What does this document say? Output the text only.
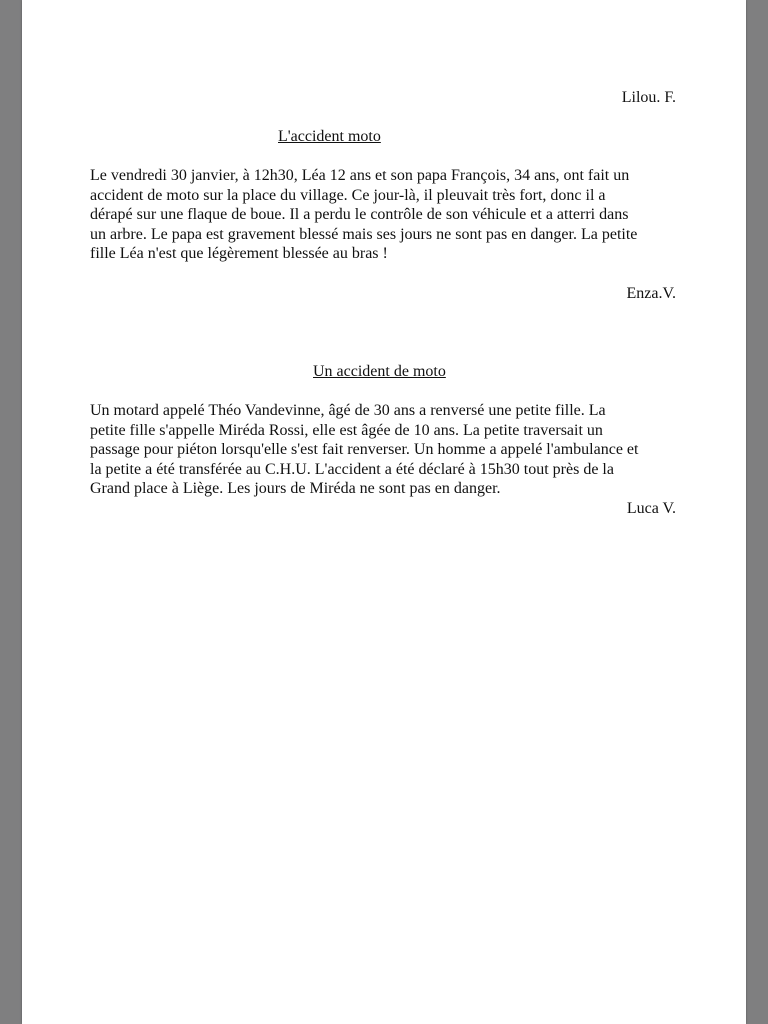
Lilou. F.
L'accident moto

Le vendredi 30 janvier, à 12h30, Léa 12 ans et son papa François, 34 ans, ont fait un
accident de moto sur la place du village. Ce jour-là, il pleuvait très fort, donc il a
dérapé sur une flaque de boue. Il a perdu le contrôle de son véhicule et a atterri dans
un arbre. Le papa est gravement blessé mais ses jours ne sont pas en danger. La petite
fille Léa n'est que légèrement blessée au bras !

Enza.V.
Un accident de moto

Un motard appelé Théo Vandevinne, âgé de 30 ans a renversé une petite fille. La
petite fille s'appelle Miréda Rossi, elle est âgée de 10 ans. La petite traversait un
passage pour piéton lorsqu'elle s'est fait renverser. Un homme a appelé l'ambulance et
la petite a été transférée au C.H.U. L'accident a été déclaré à 15h30 tout près de la
Grand place à Liège. Les jours de Miréda ne sont pas en danger.

Luca V.
